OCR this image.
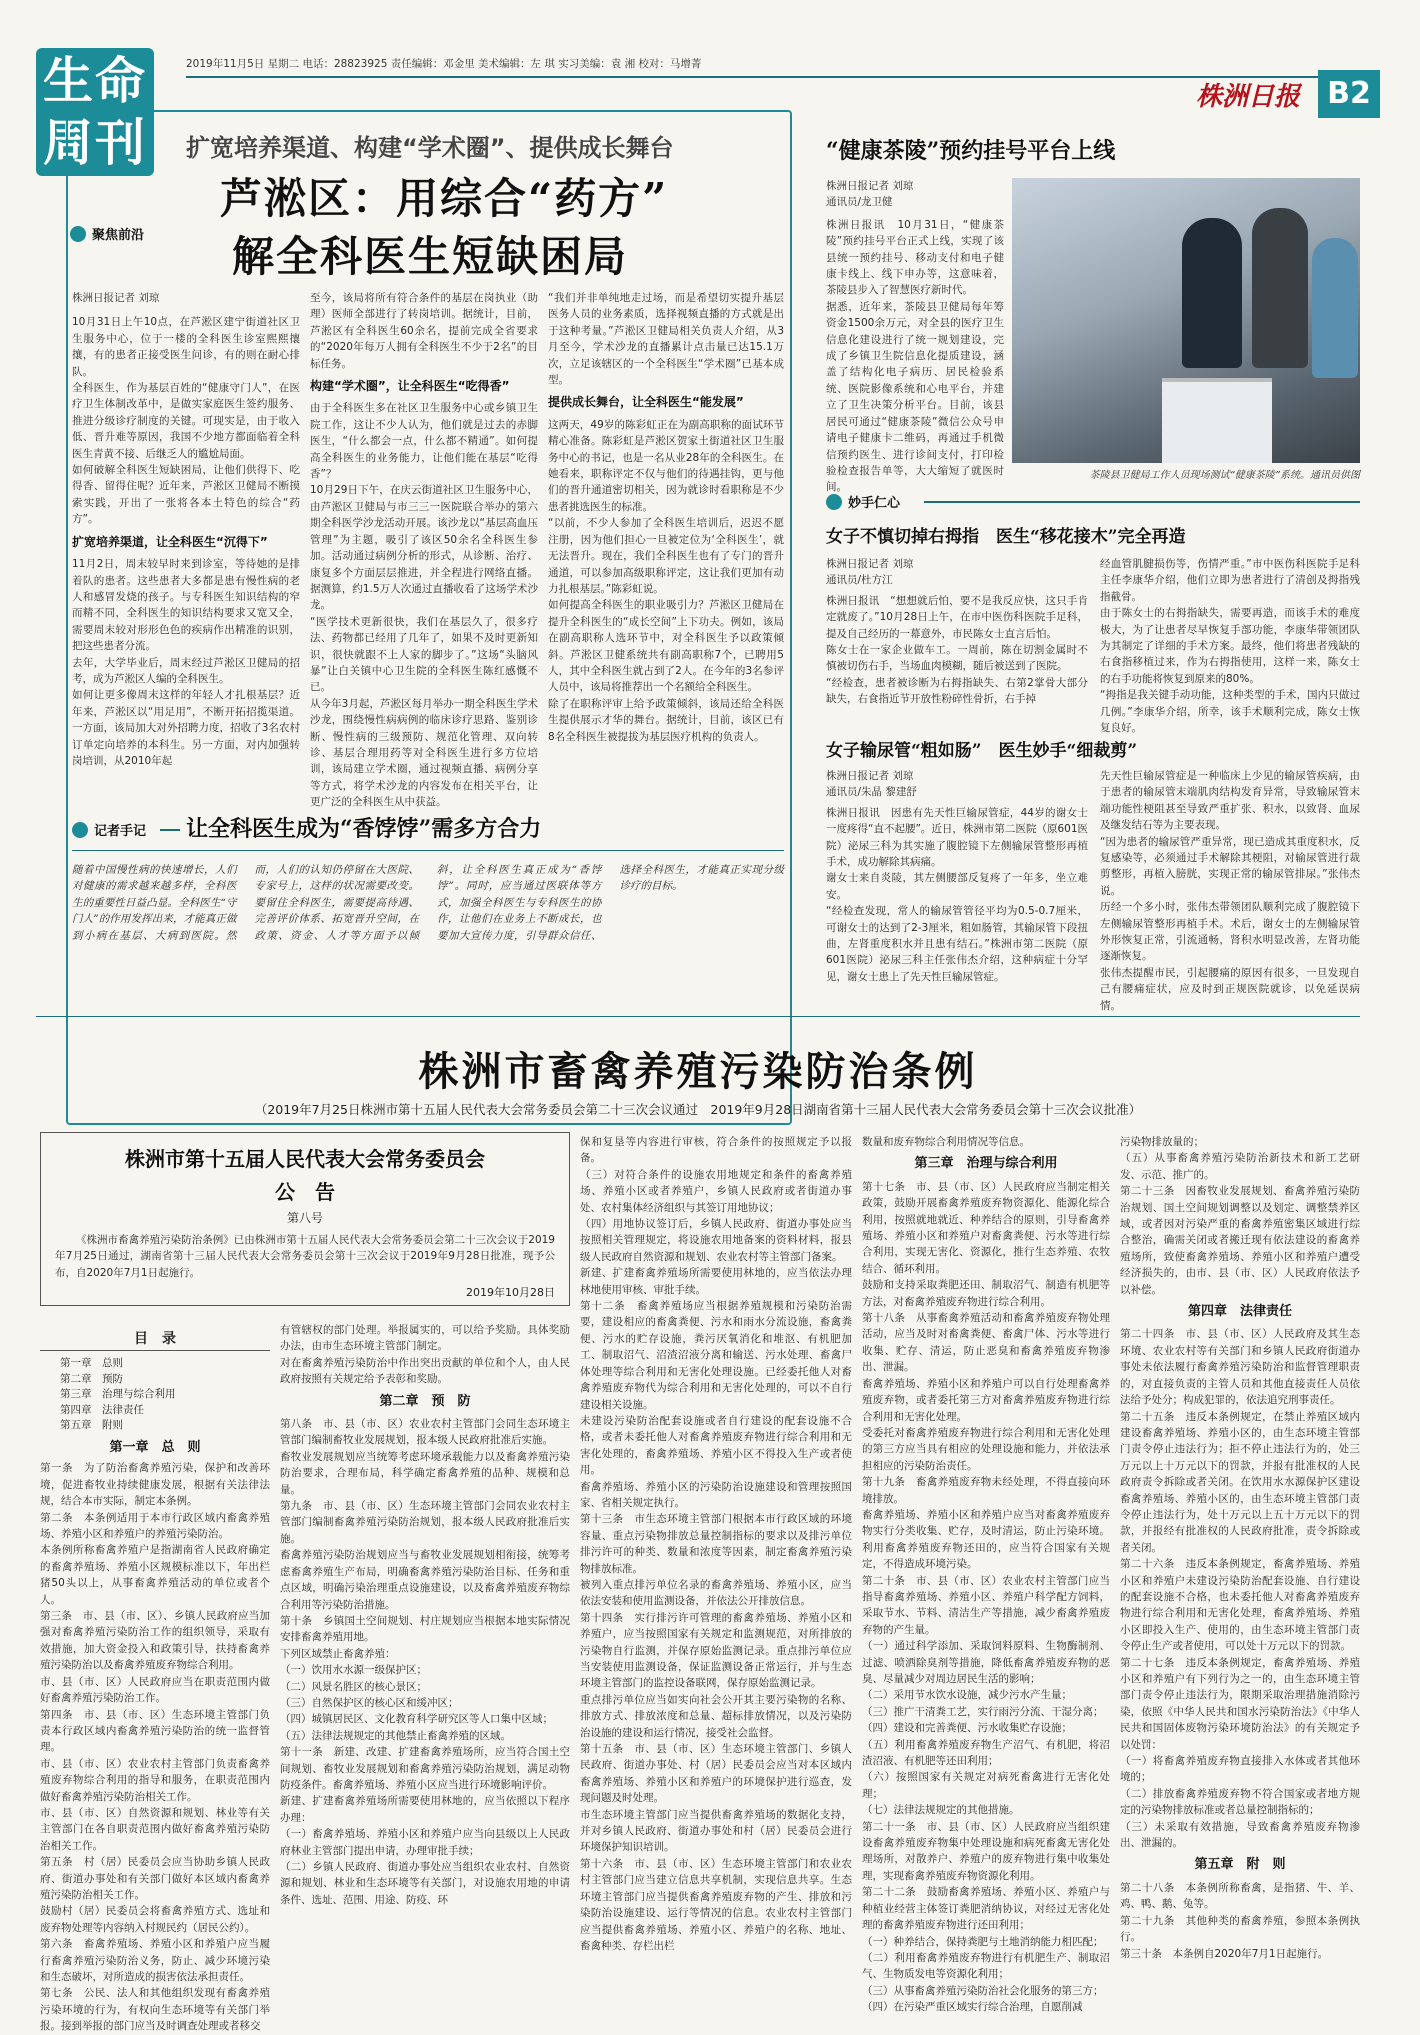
生命周刊
2019年11月5日 星期二 电话：28823925 责任编辑：邓金里 美术编辑：左 琪 实习美编：袁 湘 校对：马增菁
株洲日报 B2
扩宽培养渠道、构建“学术圈”、提供成长舞台
聚焦前沿
芦淞区：用综合“药方”
解全科医生短缺困局

株洲日报记者 刘琼

10月31日上午10点，在芦淞区建宁街道社区卫生服务中心，位于一楼的全科医生诊室熙熙攘攘，有的患者正接受医生问诊，有的则在耐心排队。
全科医生，作为基层百姓的“健康守门人”，在医疗卫生体制改革中，是做实家庭医生签约服务、推进分级诊疗制度的关键。可现实是，由于收入低、晋升难等原因，我国不少地方都面临着全科医生青黄不接、后继乏人的尴尬局面。
如何破解全科医生短缺困局，让他们供得下、吃得香、留得住呢？近年来，芦淞区卫健局不断摸索实践，开出了一张将各本土特色的综合“药方”。
扩宽培养渠道，让全科医生“沉得下”
11月2日，周末较早时来到诊室，等待她的是排着队的患者。这些患者大多都是患有慢性病的老人和感冒发烧的孩子。与专科医生知识结构的窄而精不同，全科医生的知识结构要求又宽又全，需要周末较对形形色色的疾病作出精准的识别，把这些患者分流。
去年，大学毕业后，周末经过芦淞区卫健局的招考，成为芦淞区人编的全科医生。
如何让更多像周末这样的年轻人才扎根基层？近年来，芦淞区以“用足用”，不断开拓招揽渠道。一方面，该局加大对外招聘力度，招收了3名农村订单定向培养的本科生。另一方面，对内加强转岗培训，从2010年起
至今，该局将所有符合条件的基层在岗执业（助理）医师全部进行了转岗培训。据统计，目前，芦淞区有全科医生60余名，提前完成全省要求的“2020年每万人拥有全科医生不少于2名”的目标任务。
构建“学术圈”，让全科医生“吃得香”
由于全科医生多在社区卫生服务中心或乡镇卫生院工作，这让不少人认为，他们就是过去的赤脚医生，“什么都会一点，什么都不精通”。如何提高全科医生的业务能力，让他们能在基层“吃得香”？
10月29日下午，在庆云街道社区卫生服务中心，由芦淞区卫健局与市三三一医院联合举办的第六期全科医学沙龙活动开展。该沙龙以“基层高血压管理”为主题，吸引了该区50余名全科医生参加。活动通过病例分析的形式，从诊断、治疗、康复多个方面层层推进，并全程进行网络直播。据测算，约1.5万人次通过直播收看了这场学术沙龙。
“医学技术更新很快，我们在基层久了，很多疗法、药物都已经用了几年了，如果不及时更新知识，很快就跟不上人家的脚步了。”这场“头脑风暴”让白关镇中心卫生院的全科医生陈红感慨不已。
从今年3月起，芦淞区每月举办一期全科医生学术沙龙，围绕慢性病病例的临床诊疗思路、鉴别诊断、慢性病的三级预防、规范化管理、双向转诊、基层合理用药等对全科医生进行多方位培训，该局建立学术圈，通过视频直播、病例分享等方式，将学术沙龙的内容发布在相关平台，让更广泛的全科医生从中获益。
“我们并非单纯地走过场，而是希望切实提升基层医务人员的业务素质，选择视频直播的方式就是出于这种考量。”芦淞区卫健局相关负责人介绍，从3月至今，学术沙龙的直播累计点击量已达15.1万次，立足该辖区的一个全科医生“学术圈”已基本成型。
提供成长舞台，让全科医生“能发展”
这两天，49岁的陈彩虹正在为副高职称的面试环节精心准备。陈彩虹是芦淞区贺家土街道社区卫生服务中心的书记，也是一名从业28年的全科医生。在她看来，职称评定不仅与他们的待遇挂钩，更与他们的晋升通道密切相关，因为就诊时看职称是不少患者挑选医生的标准。
“以前，不少人参加了全科医生培训后，迟迟不愿注册，因为他们担心一旦被定位为‘全科医生’，就无法晋升。现在，我们全科医生也有了专门的晋升通道，可以参加高级职称评定，这让我们更加有动力扎根基层。”陈彩虹说。
如何提高全科医生的职业吸引力？芦淞区卫健局在提升全科医生的“成长空间”上下功夫。例如，该局在副高职称人选环节中，对全科医生予以政策倾斜。芦淞区卫健系统共有副高职称7个，已聘用5人，其中全科医生就占到了2人。在今年的3名参评人员中，该局将推荐出一个名额给全科医生。
除了在职称评审上给予政策倾斜，该局还给全科医生提供展示才华的舞台。据统计，目前，该区已有8名全科医生被提拔为基层医疗机构的负责人。
记者手记 让全科医生成为“香饽饽”需多方合力
随着中国慢性病的快速增长，人们对健康的需求越来越多样，全科医生的重要性日益凸显。全科医生“守门人”的作用发挥出来，才能真正做到小病在基层、大病到医院。然而，人们的认知仍停留在大医院、专家号上，这样的状况需要改变。要留住全科医生，需要提高待遇、完善评价体系、拓宽晋升空间，在政策、资金、人才等方面予以倾斜，让全科医生真正成为“香饽饽”。同时，应当通过医联体等方式，加强全科医生与专科医生的协作，让他们在业务上不断成长，也要加大宣传力度，引导群众信任、选择全科医生，才能真正实现分级诊疗的目标。
“健康茶陵”预约挂号平台上线
株洲日报记者 刘琼
通讯员/龙卫健
株洲日报讯　10月31日，“健康茶陵”预约挂号平台正式上线，实现了该县统一预约挂号、移动支付和电子健康卡线上、线下申办等，这意味着，茶陵县步入了智慧医疗新时代。
据悉，近年来，茶陵县卫健局每年筹资金1500余万元，对全县的医疗卫生信息化建设进行了统一规划建设，完成了乡镇卫生院信息化提质建设，涵盖了结构化电子病历、居民检验系统、医院影像系统和心电平台，并建立了卫生决策分析平台。目前，该县居民可通过“健康茶陵”微信公众号申请电子健康卡二维码，再通过手机微信预约医生、进行诊间支付，打印检验检查报告单等，大大缩短了就医时间。
茶陵县卫健局工作人员现场测试“健康茶陵”系统。通讯员供图
妙手仁心
女子不慎切掉右拇指　医生“移花接木”完全再造
株洲日报记者 刘琼
通讯员/杜方江
株洲日报讯　“想想就后怕，要不是我反应快，这只手肯定就废了。”10月28日上午，在市中医伤科医院手足科，提及自己经历的一幕意外，市民陈女士直言后怕。
陈女士在一家企业做车工。一周前，陈在切割金属时不慎被切伤右手，当场血肉模糊，随后被送到了医院。
“经检查，患者被诊断为右拇指缺失、右第2掌骨大部分缺失，右食指近节开放性粉碎性骨折，右手掉
经血管肌腱损伤等，伤情严重。”市中医伤科医院手足科主任李康华介绍，他们立即为患者进行了清创及拇指残指截骨。
由于陈女士的右拇指缺失，需要再造，而该手术的难度极大，为了让患者尽早恢复手部功能，李康华带领团队为其制定了详细的手术方案。最终，他们将患者残缺的右食指移植过来，作为右拇指使用，这样一来，陈女士的右手功能将恢复到原来的80%。
“拇指是我关键手动功能，这种类型的手术，国内只做过几例。”李康华介绍，所幸，该手术顺利完成，陈女士恢复良好。
女子输尿管“粗如肠”　医生妙手“细裁剪”
株洲日报记者 刘琼
通讯员/朱晶 黎建舒
株洲日报讯　因患有先天性巨输尿管症，44岁的谢女士一度疼得“直不起腰”。近日，株洲市第二医院（原601医院）泌尿三科为其实施了腹腔镜下左侧输尿管整形再植手术，成功解除其病痛。
谢女士来自炎陵，其左侧腰部反复疼了一年多，坐立难安。
“经检查发现，常人的输尿管管径平均为0.5-0.7厘米，可谢女士的达到了2-3厘米，粗如肠管，其输尿管下段扭曲，左肾重度积水并且患有结石。”株洲市第二医院（原601医院）泌尿三科主任张伟杰介绍，这种病症十分罕见，谢女士患上了先天性巨输尿管症。
先天性巨输尿管症是一种临床上少见的输尿管疾病，由于患者的输尿管末端肌肉结构发育异常，导致输尿管末端功能性梗阻甚至导致严重扩张、积水，以致肾、血尿及继发结石等为主要表现。
“因为患者的输尿管严重异常，现已造成其重度积水，反复感染等，必须通过手术解除其梗阻，对输尿管进行裁剪整形，再植入膀胱，实现正常的输尿管排尿。”张伟杰说。
历经一个多小时，张伟杰带领团队顺利完成了腹腔镜下左侧输尿管整形再植手术。术后，谢女士的左侧输尿管外形恢复正常，引流通畅，肾积水明显改善，左肾功能逐渐恢复。
张伟杰提醒市民，引起腰痛的原因有很多，一旦发现自己有腰痛症状，应及时到正规医院就诊，以免延误病情。
株洲市畜禽养殖污染防治条例
（2019年7月25日株洲市第十五届人民代表大会常务委员会第二十三次会议通过　2019年9月28日湖南省第十三届人民代表大会常务委员会第十三次会议批准）
株洲市第十五届人民代表大会常务委员会
公　告
第八号
《株洲市畜禽养殖污染防治条例》已由株洲市第十五届人民代表大会常务委员会第二十三次会议于2019年7月25日通过，湖南省第十三届人民代表大会常务委员会第十三次会议于2019年9月28日批准，现予公布，自2020年7月1日起施行。
2019年10月28日
目　录
第一章　总则
第二章　预防
第三章　治理与综合利用
第四章　法律责任
第五章　附则
第一章　总　则
第一条　为了防治畜禽养殖污染，保护和改善环境，促进畜牧业持续健康发展，根据有关法律法规，结合本市实际，制定本条例。
第二条　本条例适用于本市行政区域内畜禽养殖场、养殖小区和养殖户的养殖污染防治。
本条例所称畜禽养殖户是指湖南省人民政府确定的畜禽养殖场、养殖小区规模标准以下，年出栏猪50头以上，从事畜禽养殖活动的单位或者个人。
第三条　市、县（市、区）、乡镇人民政府应当加强对畜禽养殖污染防治工作的组织领导，采取有效措施，加大资金投入和政策引导，扶持畜禽养殖污染防治以及畜禽养殖废弃物综合利用。
市、县（市、区）人民政府应当在职责范围内做好畜禽养殖污染防治工作。
第四条　市、县（市、区）生态环境主管部门负责本行政区域内畜禽养殖污染防治的统一监督管理。
市、县（市、区）农业农村主管部门负责畜禽养殖废弃物综合利用的指导和服务，在职责范围内做好畜禽养殖污染防治相关工作。
市、县（市、区）自然资源和规划、林业等有关主管部门在各自职责范围内做好畜禽养殖污染防治相关工作。
第五条　村（居）民委员会应当协助乡镇人民政府、街道办事处和有关部门做好本区域内畜禽养殖污染防治相关工作。
鼓励村（居）民委员会将畜禽养殖方式、选址和废弃物处理等内容纳入村规民约（居民公约）。
第六条　畜禽养殖场、养殖小区和养殖户应当履行畜禽养殖污染防治义务，防止、减少环境污染和生态破坏，对所造成的损害依法承担责任。
第七条　公民、法人和其他组织发现有畜禽养殖污染环境的行为，有权向生态环境等有关部门举报。接到举报的部门应当及时调查处理或者移交
有管辖权的部门处理。举报属实的，可以给予奖励。具体奖励办法，由市生态环境主管部门制定。
对在畜禽养殖污染防治中作出突出贡献的单位和个人，由人民政府按照有关规定给予表彰和奖励。
第二章　预　防
第八条　市、县（市、区）农业农村主管部门会同生态环境主管部门编制畜牧业发展规划，报本级人民政府批准后实施。
畜牧业发展规划应当统筹考虑环境承载能力以及畜禽养殖污染防治要求，合理布局，科学确定畜禽养殖的品种、规模和总量。
第九条　市、县（市、区）生态环境主管部门会同农业农村主管部门编制畜禽养殖污染防治规划，报本级人民政府批准后实施。
畜禽养殖污染防治规划应当与畜牧业发展规划相衔接，统筹考虑畜禽养殖生产布局，明确畜禽养殖污染防治目标、任务和重点区域，明确污染治理重点设施建设，以及畜禽养殖废弃物综合利用等污染防治措施。
第十条　乡镇国土空间规划、村庄规划应当根据本地实际情况安排畜禽养殖用地。
下列区域禁止畜禽养殖：
（一）饮用水水源一级保护区；
（二）风景名胜区的核心景区；
（三）自然保护区的核心区和缓冲区；
（四）城镇居民区、文化教育科学研究区等人口集中区域；
（五）法律法规规定的其他禁止畜禽养殖的区域。
第十一条　新建、改建、扩建畜禽养殖场所，应当符合国土空间规划、畜牧业发展规划和畜禽养殖污染防治规划，满足动物防疫条件。畜禽养殖场、养殖小区应当进行环境影响评价。
新建、扩建畜禽养殖场所需要使用林地的，应当依照以下程序办理：
（一）畜禽养殖场、养殖小区和养殖户应当向县级以上人民政府林业主管部门提出申请，办理审批手续；
（二）乡镇人民政府、街道办事处应当组织农业农村、自然资源和规划、林业和生态环境等有关部门，对设施农用地的申请条件、选址、范围、用途、防疫、环
保和复垦等内容进行审核，符合条件的按照规定予以报备。
（三）对符合条件的设施农用地规定和条件的畜禽养殖场、养殖小区或者养殖户，乡镇人民政府或者街道办事处、农村集体经济组织与其签订用地协议；
（四）用地协议签订后，乡镇人民政府、街道办事处应当按照相关管理规定，将设施农用地备案的资料材料，报县级人民政府自然资源和规划、农业农村等主管部门备案。
新建、扩建畜禽养殖场所需要使用林地的，应当依法办理林地使用审核、审批手续。
第十二条　畜禽养殖场应当根据养殖规模和污染防治需要，建设相应的畜禽粪便、污水和雨水分流设施，畜禽粪便、污水的贮存设施，粪污厌氧消化和堆沤、有机肥加工、制取沼气、沼渣沼液分离和输送、污水处理、畜禽尸体处理等综合利用和无害化处理设施。已经委托他人对畜禽养殖废弃物代为综合利用和无害化处理的，可以不自行建设相关设施。
未建设污染防治配套设施或者自行建设的配套设施不合格，或者未委托他人对畜禽养殖废弃物进行综合利用和无害化处理的，畜禽养殖场、养殖小区不得投入生产或者使用。
畜禽养殖场、养殖小区的污染防治设施建设和管理按照国家、省相关规定执行。
第十三条　市生态环境主管部门根据本市行政区域的环境容量、重点污染物排放总量控制指标的要求以及排污单位排污许可的种类、数量和浓度等因素，制定畜禽养殖污染物排放标准。
被列入重点排污单位名录的畜禽养殖场、养殖小区，应当依法安装和使用监测设备，并依法公开排放信息。
第十四条　实行排污许可管理的畜禽养殖场、养殖小区和养殖户，应当按照国家有关规定和监测规范，对所排放的污染物自行监测，并保存原始监测记录。重点排污单位应当安装使用监测设备，保证监测设备正常运行，并与生态环境主管部门的监控设备联网，保存原始监测记录。
重点排污单位应当如实向社会公开其主要污染物的名称、排放方式、排放浓度和总量、超标排放情况，以及污染防治设施的建设和运行情况，接受社会监督。
第十五条　市、县（市、区）生态环境主管部门、乡镇人民政府、街道办事处、村（居）民委员会应当对本区域内畜禽养殖场、养殖小区和养殖户的环境保护进行巡查，发现问题及时处理。
市生态环境主管部门应当提供畜禽养殖场的数据化支持，并对乡镇人民政府、街道办事处和村（居）民委员会进行环境保护知识培训。
第十六条　市、县（市、区）生态环境主管部门和农业农村主管部门应当建立信息共享机制，实现信息共享。生态环境主管部门应当提供畜禽养殖废弃物的产生、排放和污染防治设施建设、运行等情况的信息。农业农村主管部门应当提供畜禽养殖场、养殖小区、养殖户的名称、地址、畜禽种类、存栏出栏
数量和废弃物综合利用情况等信息。
第三章　治理与综合利用
第十七条　市、县（市、区）人民政府应当制定相关政策，鼓励开展畜禽养殖废弃物资源化、能源化综合利用，按照就地就近、种养结合的原则，引导畜禽养殖场、养殖小区和养殖户对畜禽粪便、污水等进行综合利用，实现无害化、资源化，推行生态养殖、农牧结合、循环利用。
鼓励和支持采取粪肥还田、制取沼气、制造有机肥等方法，对畜禽养殖废弃物进行综合利用。
第十八条　从事畜禽养殖活动和畜禽养殖废弃物处理活动，应当及时对畜禽粪便、畜禽尸体、污水等进行收集、贮存、清运，防止恶臭和畜禽养殖废弃物渗出、泄漏。
畜禽养殖场、养殖小区和养殖户可以自行处理畜禽养殖废弃物，或者委托第三方对畜禽养殖废弃物进行综合利用和无害化处理。
受委托对畜禽养殖废弃物进行综合利用和无害化处理的第三方应当具有相应的处理设施和能力，并依法承担相应的污染防治责任。
第十九条　畜禽养殖废弃物未经处理，不得直接向环境排放。
畜禽养殖场、养殖小区和养殖户应当对畜禽养殖废弃物实行分类收集、贮存，及时清运，防止污染环境。利用畜禽养殖废弃物还田的，应当符合国家有关规定，不得造成环境污染。
第二十条　市、县（市、区）农业农村主管部门应当指导畜禽养殖场、养殖小区、养殖户科学配方饲料，采取节水、节料、清洁生产等措施，减少畜禽养殖废弃物的产生量。
（一）通过科学添加、采取饲料原料、生物酶制剂、过滤、喷洒除臭剂等措施，降低畜禽养殖废弃物的恶臭、尽量减少对周边居民生活的影响；
（二）采用节水饮水设施，减少污水产生量；
（三）推广干清粪工艺，实行雨污分流、干湿分离；
（四）建设和完善粪便、污水收集贮存设施；
（五）利用畜禽养殖废弃物生产沼气、有机肥，将沼渣沼液、有机肥等还田利用；
（六）按照国家有关规定对病死畜禽进行无害化处理；
（七）法律法规规定的其他措施。
第二十一条　市、县（市、区）人民政府应当组织建设畜禽养殖废弃物集中处理设施和病死畜禽无害化处理场所，对散养户、养殖户的废弃物进行集中收集处理，实现畜禽养殖废弃物资源化利用。
第二十二条　鼓励畜禽养殖场、养殖小区、养殖户与种植业经营主体签订粪肥消纳协议，对经过无害化处理的畜禽养殖废弃物进行还田利用；
（一）种养结合，保持粪肥与土地消纳能力相匹配；
（二）利用畜禽养殖废弃物进行有机肥生产、制取沼气、生物质发电等资源化利用；
（三）从事畜禽养殖污染防治社会化服务的第三方；
（四）在污染严重区域实行综合治理，自愿削减
污染物排放量的；
（五）从事畜禽养殖污染防治新技术和新工艺研发、示范、推广的。
第二十三条　因畜牧业发展规划、畜禽养殖污染防治规划、国土空间规划调整以及划定、调整禁养区域，或者因对污染严重的畜禽养殖密集区域进行综合整治，确需关闭或者搬迁现有依法建设的畜禽养殖场所，致使畜禽养殖场、养殖小区和养殖户遭受经济损失的，由市、县（市、区）人民政府依法予以补偿。
第四章　法律责任
第二十四条　市、县（市、区）人民政府及其生态环境、农业农村等有关部门和乡镇人民政府街道办事处未依法履行畜禽养殖污染防治和监督管理职责的，对直接负责的主管人员和其他直接责任人员依法给予处分；构成犯罪的，依法追究刑事责任。
第二十五条　违反本条例规定，在禁止养殖区域内建设畜禽养殖场、养殖小区的，由生态环境主管部门责令停止违法行为；拒不停止违法行为的，处三万元以上十万元以下的罚款，并报有批准权的人民政府责令拆除或者关闭。在饮用水水源保护区建设畜禽养殖场、养殖小区的，由生态环境主管部门责令停止违法行为，处十万元以上五十万元以下的罚款，并报经有批准权的人民政府批准，责令拆除或者关闭。
第二十六条　违反本条例规定，畜禽养殖场、养殖小区和养殖户未建设污染防治配套设施、自行建设的配套设施不合格，也未委托他人对畜禽养殖废弃物进行综合利用和无害化处理，畜禽养殖场、养殖小区即投入生产、使用的，由生态环境主管部门责令停止生产或者使用，可以处十万元以下的罚款。
第二十七条　违反本条例规定，畜禽养殖场、养殖小区和养殖户有下列行为之一的，由生态环境主管部门责令停止违法行为，限期采取治理措施消除污染，依照《中华人民共和国水污染防治法》《中华人民共和国固体废物污染环境防治法》的有关规定予以处罚：
（一）将畜禽养殖废弃物直接排入水体或者其他环境的；
（二）排放畜禽养殖废弃物不符合国家或者地方规定的污染物排放标准或者总量控制指标的；
（三）未采取有效措施，导致畜禽养殖废弃物渗出、泄漏的。
第五章　附　则
第二十八条　本条例所称畜禽，是指猪、牛、羊、鸡、鸭、鹅、兔等。
第二十九条　其他种类的畜禽养殖，参照本条例执行。
第三十条　本条例自2020年7月1日起施行。
